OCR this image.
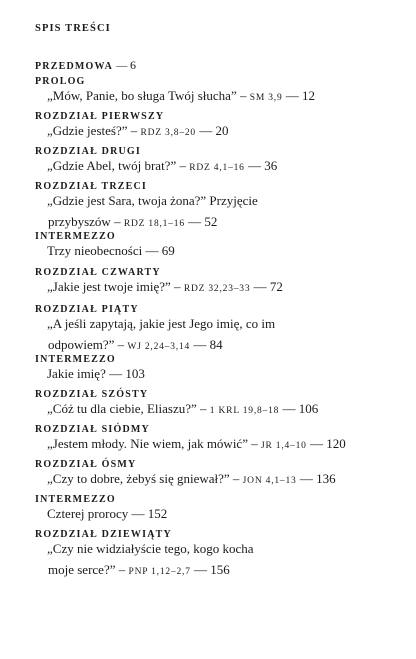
SPIS TREŚCI
PRZEDMOWA — 6
PROLOG
„Mów, Panie, bo sługa Twój słucha” – SM 3,9 — 12
ROZDZIAŁ PIERWSZY
„Gdzie jesteś?” – RDZ 3,8–20 — 20
ROZDZIAŁ DRUGI
„Gdzie Abel, twój brat?” – RDZ 4,1–16 — 36
ROZDZIAŁ TRZECI
„Gdzie jest Sara, twoja żona?” Przyjęcie
przybyszów – RDZ 18,1–16 — 52
INTERMEZZO
Trzy nieobecności — 69
ROZDZIAŁ CZWARTY
„Jakie jest twoje imię?” – RDZ 32,23–33 — 72
ROZDZIAŁ PIĄTY
„A jeśli zapytają, jakie jest Jego imię, co im
odpowiem?” – WJ 2,24–3,14 — 84
INTERMEZZO
Jakie imię? — 103
ROZDZIAŁ SZÓSTY
„Cóż tu dla ciebie, Eliaszu?” – 1 KRL 19,8–18 — 106
ROZDZIAŁ SIÓDMY
„Jestem młody. Nie wiem, jak mówić” – JR 1,4–10 — 120
ROZDZIAŁ ÓSMY
„Czy to dobre, żebyś się gniewał?” – JON 4,1–13 — 136
INTERMEZZO
Czterej prorocy — 152
ROZDZIAŁ DZIEWIĄTY
„Czy nie widziałyście tego, kogo kocha
moje serce?” – PNP 1,12–2,7 — 156
